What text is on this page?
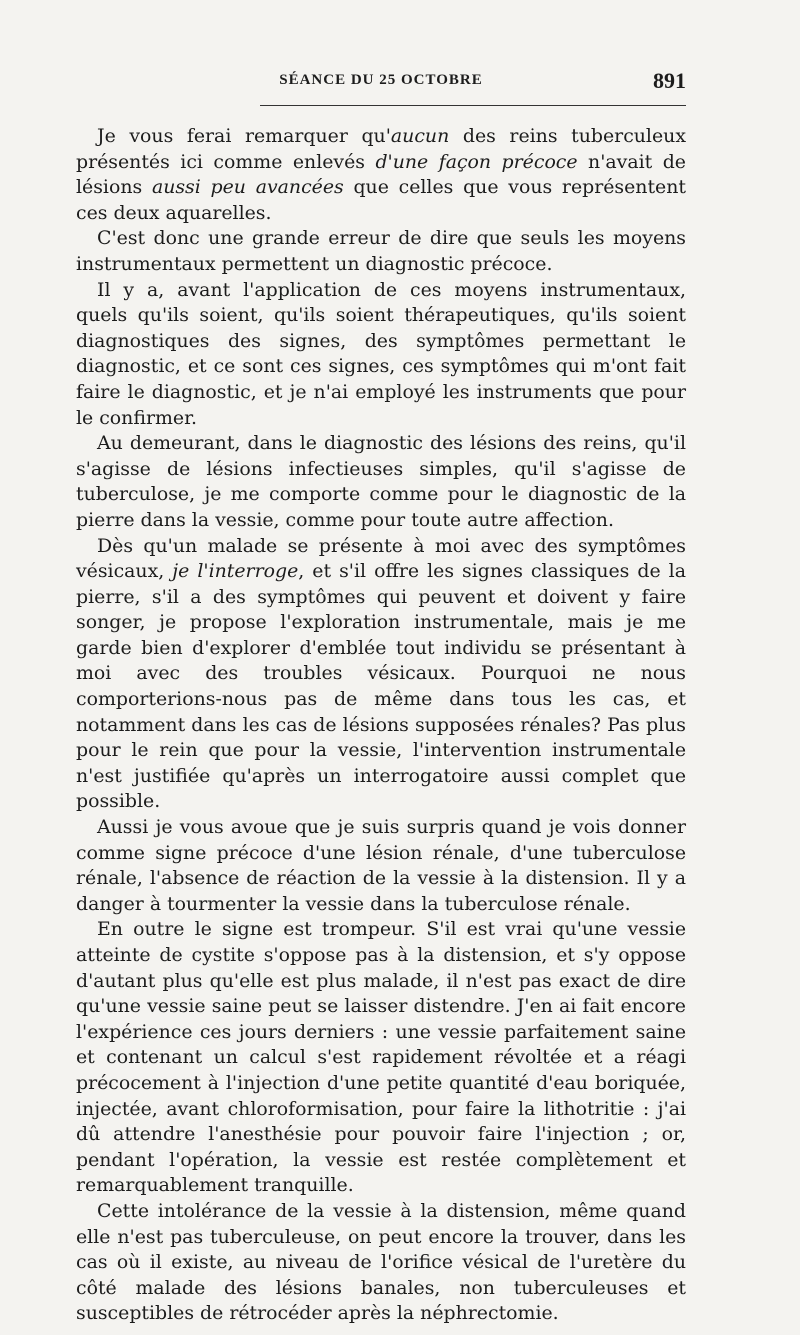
SÉANCE DU 25 OCTOBRE	891

Je vous ferai remarquer qu'aucun des reins tuberculeux présentés ici comme enlevés d'une façon précoce n'avait de lésions aussi peu avancées que celles que vous représentent ces deux aquarelles.

C'est donc une grande erreur de dire que seuls les moyens instrumentaux permettent un diagnostic précoce.

Il y a, avant l'application de ces moyens instrumentaux, quels qu'ils soient, qu'ils soient thérapeutiques, qu'ils soient diagnostiques des signes, des symptômes permettant le diagnostic, et ce sont ces signes, ces symptômes qui m'ont fait faire le diagnostic, et je n'ai employé les instruments que pour le confirmer.

Au demeurant, dans le diagnostic des lésions des reins, qu'il s'agisse de lésions infectieuses simples, qu'il s'agisse de tuberculose, je me comporte comme pour le diagnostic de la pierre dans la vessie, comme pour toute autre affection.

Dès qu'un malade se présente à moi avec des symptômes vésicaux, je l'interroge, et s'il offre les signes classiques de la pierre, s'il a des symptômes qui peuvent et doivent y faire songer, je propose l'exploration instrumentale, mais je me garde bien d'explorer d'emblée tout individu se présentant à moi avec des troubles vésicaux. Pourquoi ne nous comporterions-nous pas de même dans tous les cas, et notamment dans les cas de lésions supposées rénales? Pas plus pour le rein que pour la vessie, l'intervention instrumentale n'est justifiée qu'après un interrogatoire aussi complet que possible.

Aussi je vous avoue que je suis surpris quand je vois donner comme signe précoce d'une lésion rénale, d'une tuberculose rénale, l'absence de réaction de la vessie à la distension. Il y a danger à tourmenter la vessie dans la tuberculose rénale.

En outre le signe est trompeur. S'il est vrai qu'une vessie atteinte de cystite s'oppose pas à la distension, et s'y oppose d'autant plus qu'elle est plus malade, il n'est pas exact de dire qu'une vessie saine peut se laisser distendre. J'en ai fait encore l'expérience ces jours derniers : une vessie parfaitement saine et contenant un calcul s'est rapidement révoltée et a réagi précocement à l'injection d'une petite quantité d'eau boriquée, injectée, avant chloroformisation, pour faire la lithotritie : j'ai dû attendre l'anesthésie pour pouvoir faire l'injection ; or, pendant l'opération, la vessie est restée complètement et remarquablement tranquille.

Cette intolérance de la vessie à la distension, même quand elle n'est pas tuberculeuse, on peut encore la trouver, dans les cas où il existe, au niveau de l'orifice vésical de l'uretère du côté malade des lésions banales, non tuberculeuses et susceptibles de rétrocéder après la néphrectomie.
